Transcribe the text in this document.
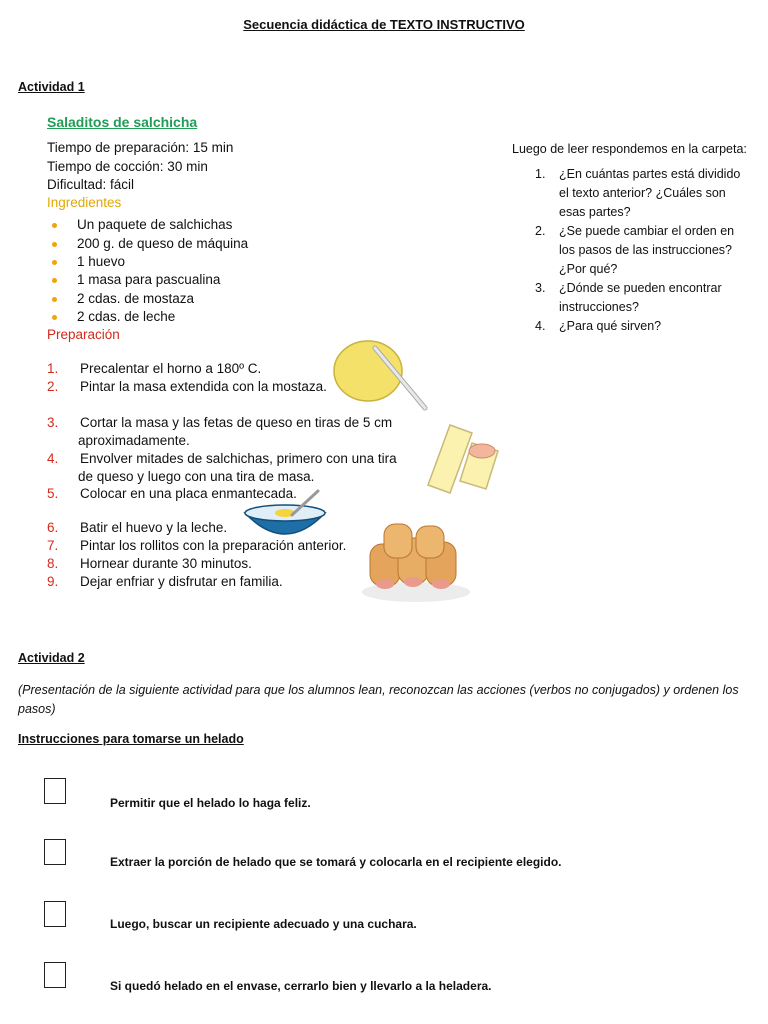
Secuencia didáctica de TEXTO INSTRUCTIVO
Actividad 1
Saladitos de salchicha
Tiempo de preparación: 15 min
Tiempo de cocción: 30 min
Dificultad: fácil
Ingredientes
Un paquete de salchichas
200 g. de queso de máquina
1 huevo
1 masa para pascualina
2 cdas. de mostaza
2 cdas. de leche
Preparación
1. Precalentar el horno a 180º C.
2. Pintar la masa extendida con la mostaza.
3. Cortar la masa y las fetas de queso en tiras de 5 cm
aproximadamente.
4. Envolver mitades de salchichas, primero con una tira
de queso y luego con una tira de masa.
5. Colocar en una placa enmantecada.
6. Batir el huevo y la leche.
7. Pintar los rollitos con la preparación anterior.
8. Hornear durante 30 minutos.
9. Dejar enfriar y disfrutar en familia.
Luego de leer respondemos en la carpeta:
1. ¿En cuántas partes está dividido el texto anterior? ¿Cuáles son esas partes?
2. ¿Se puede cambiar el orden en los pasos de las instrucciones? ¿Por qué?
3. ¿Dónde se pueden encontrar instrucciones?
4. ¿Para qué sirven?
Actividad 2
(Presentación de la siguiente actividad para que los alumnos lean, reconozcan las acciones (verbos no conjugados) y ordenen los pasos)
Instrucciones para tomarse un helado
Permitir que el helado lo haga feliz.
Extraer la porción de helado que se tomará y colocarla en el recipiente elegido.
Luego, buscar un recipiente adecuado y una cuchara.
Si quedó helado en el envase, cerrarlo bien y llevarlo a la heladera.
